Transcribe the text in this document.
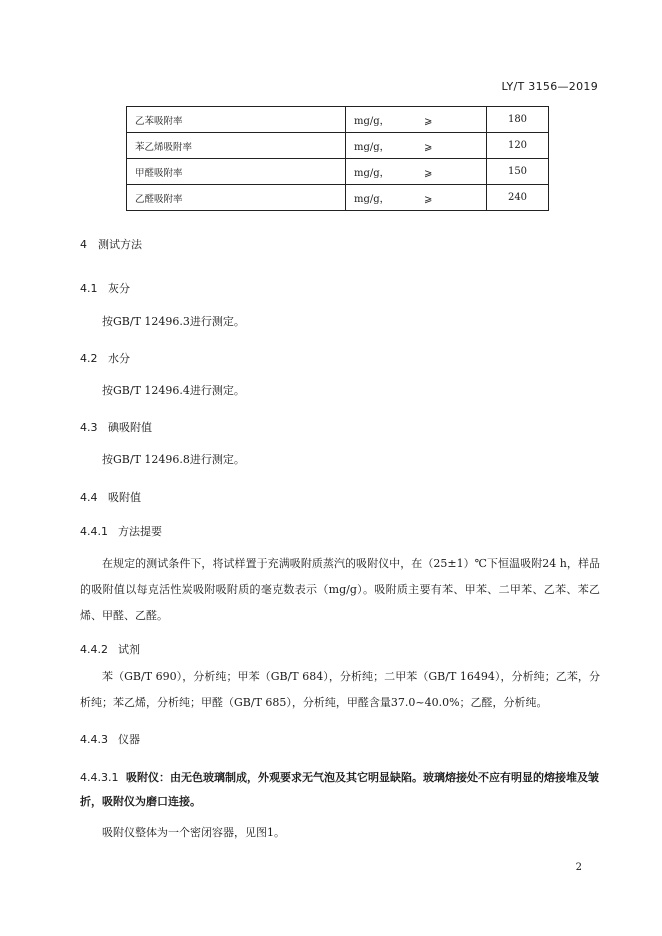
LY/T 3156—2019
乙苯吸附率	mg/g， ⩾	180
苯乙烯吸附率	mg/g， ⩾	120
甲醛吸附率	mg/g， ⩾	150
乙醛吸附率	mg/g， ⩾	240
4 测试方法
4.1 灰分
按GB/T 12496.3进行测定。
4.2 水分
按GB/T 12496.4进行测定。
4.3 碘吸附值
按GB/T 12496.8进行测定。
4.4 吸附值
4.4.1 方法提要
在规定的测试条件下，将试样置于充满吸附质蒸汽的吸附仪中，在（25±1）℃下恒温吸附24 h，样品的吸附值以每克活性炭吸附吸附质的毫克数表示（mg/g）。吸附质主要有苯、甲苯、二甲苯、乙苯、苯乙烯、甲醛、乙醛。
4.4.2 试剂
苯（GB/T 690），分析纯；甲苯（GB/T 684），分析纯；二甲苯（GB/T 16494），分析纯；乙苯，分析纯；苯乙烯，分析纯；甲醛（GB/T 685），分析纯，甲醛含量37.0~40.0%；乙醛，分析纯。
4.4.3 仪器
4.4.3.1 吸附仪：由无色玻璃制成，外观要求无气泡及其它明显缺陷。玻璃熔接处不应有明显的熔接堆及皱折，吸附仪为磨口连接。
吸附仪整体为一个密闭容器，见图1。
2
